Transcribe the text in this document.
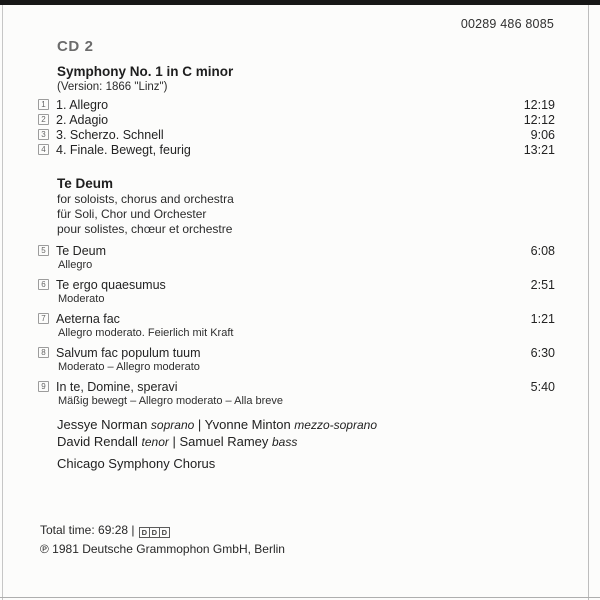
00289 486 8085
CD 2
Symphony No. 1 in C minor
(Version: 1866 "Linz")
1 1. Allegro	12:19
2 2. Adagio	12:12
3 3. Scherzo. Schnell	9:06
4 4. Finale. Bewegt, feurig	13:21
Te Deum
for soloists, chorus and orchestra
für Soli, Chor und Orchester
pour solistes, chœur et orchestre
5 Te Deum	6:08
Allegro
6 Te ergo quaesumus	2:51
Moderato
7 Aeterna fac	1:21
Allegro moderato. Feierlich mit Kraft
8 Salvum fac populum tuum	6:30
Moderato – Allegro moderato
9 In te, Domine, speravi	5:40
Mäßig bewegt – Allegro moderato – Alla breve
Jessye Norman soprano | Yvonne Minton mezzo-soprano
David Rendall tenor | Samuel Ramey bass
Chicago Symphony Chorus
Total time: 69:28 | D D D
℗ 1981 Deutsche Grammophon GmbH, Berlin
